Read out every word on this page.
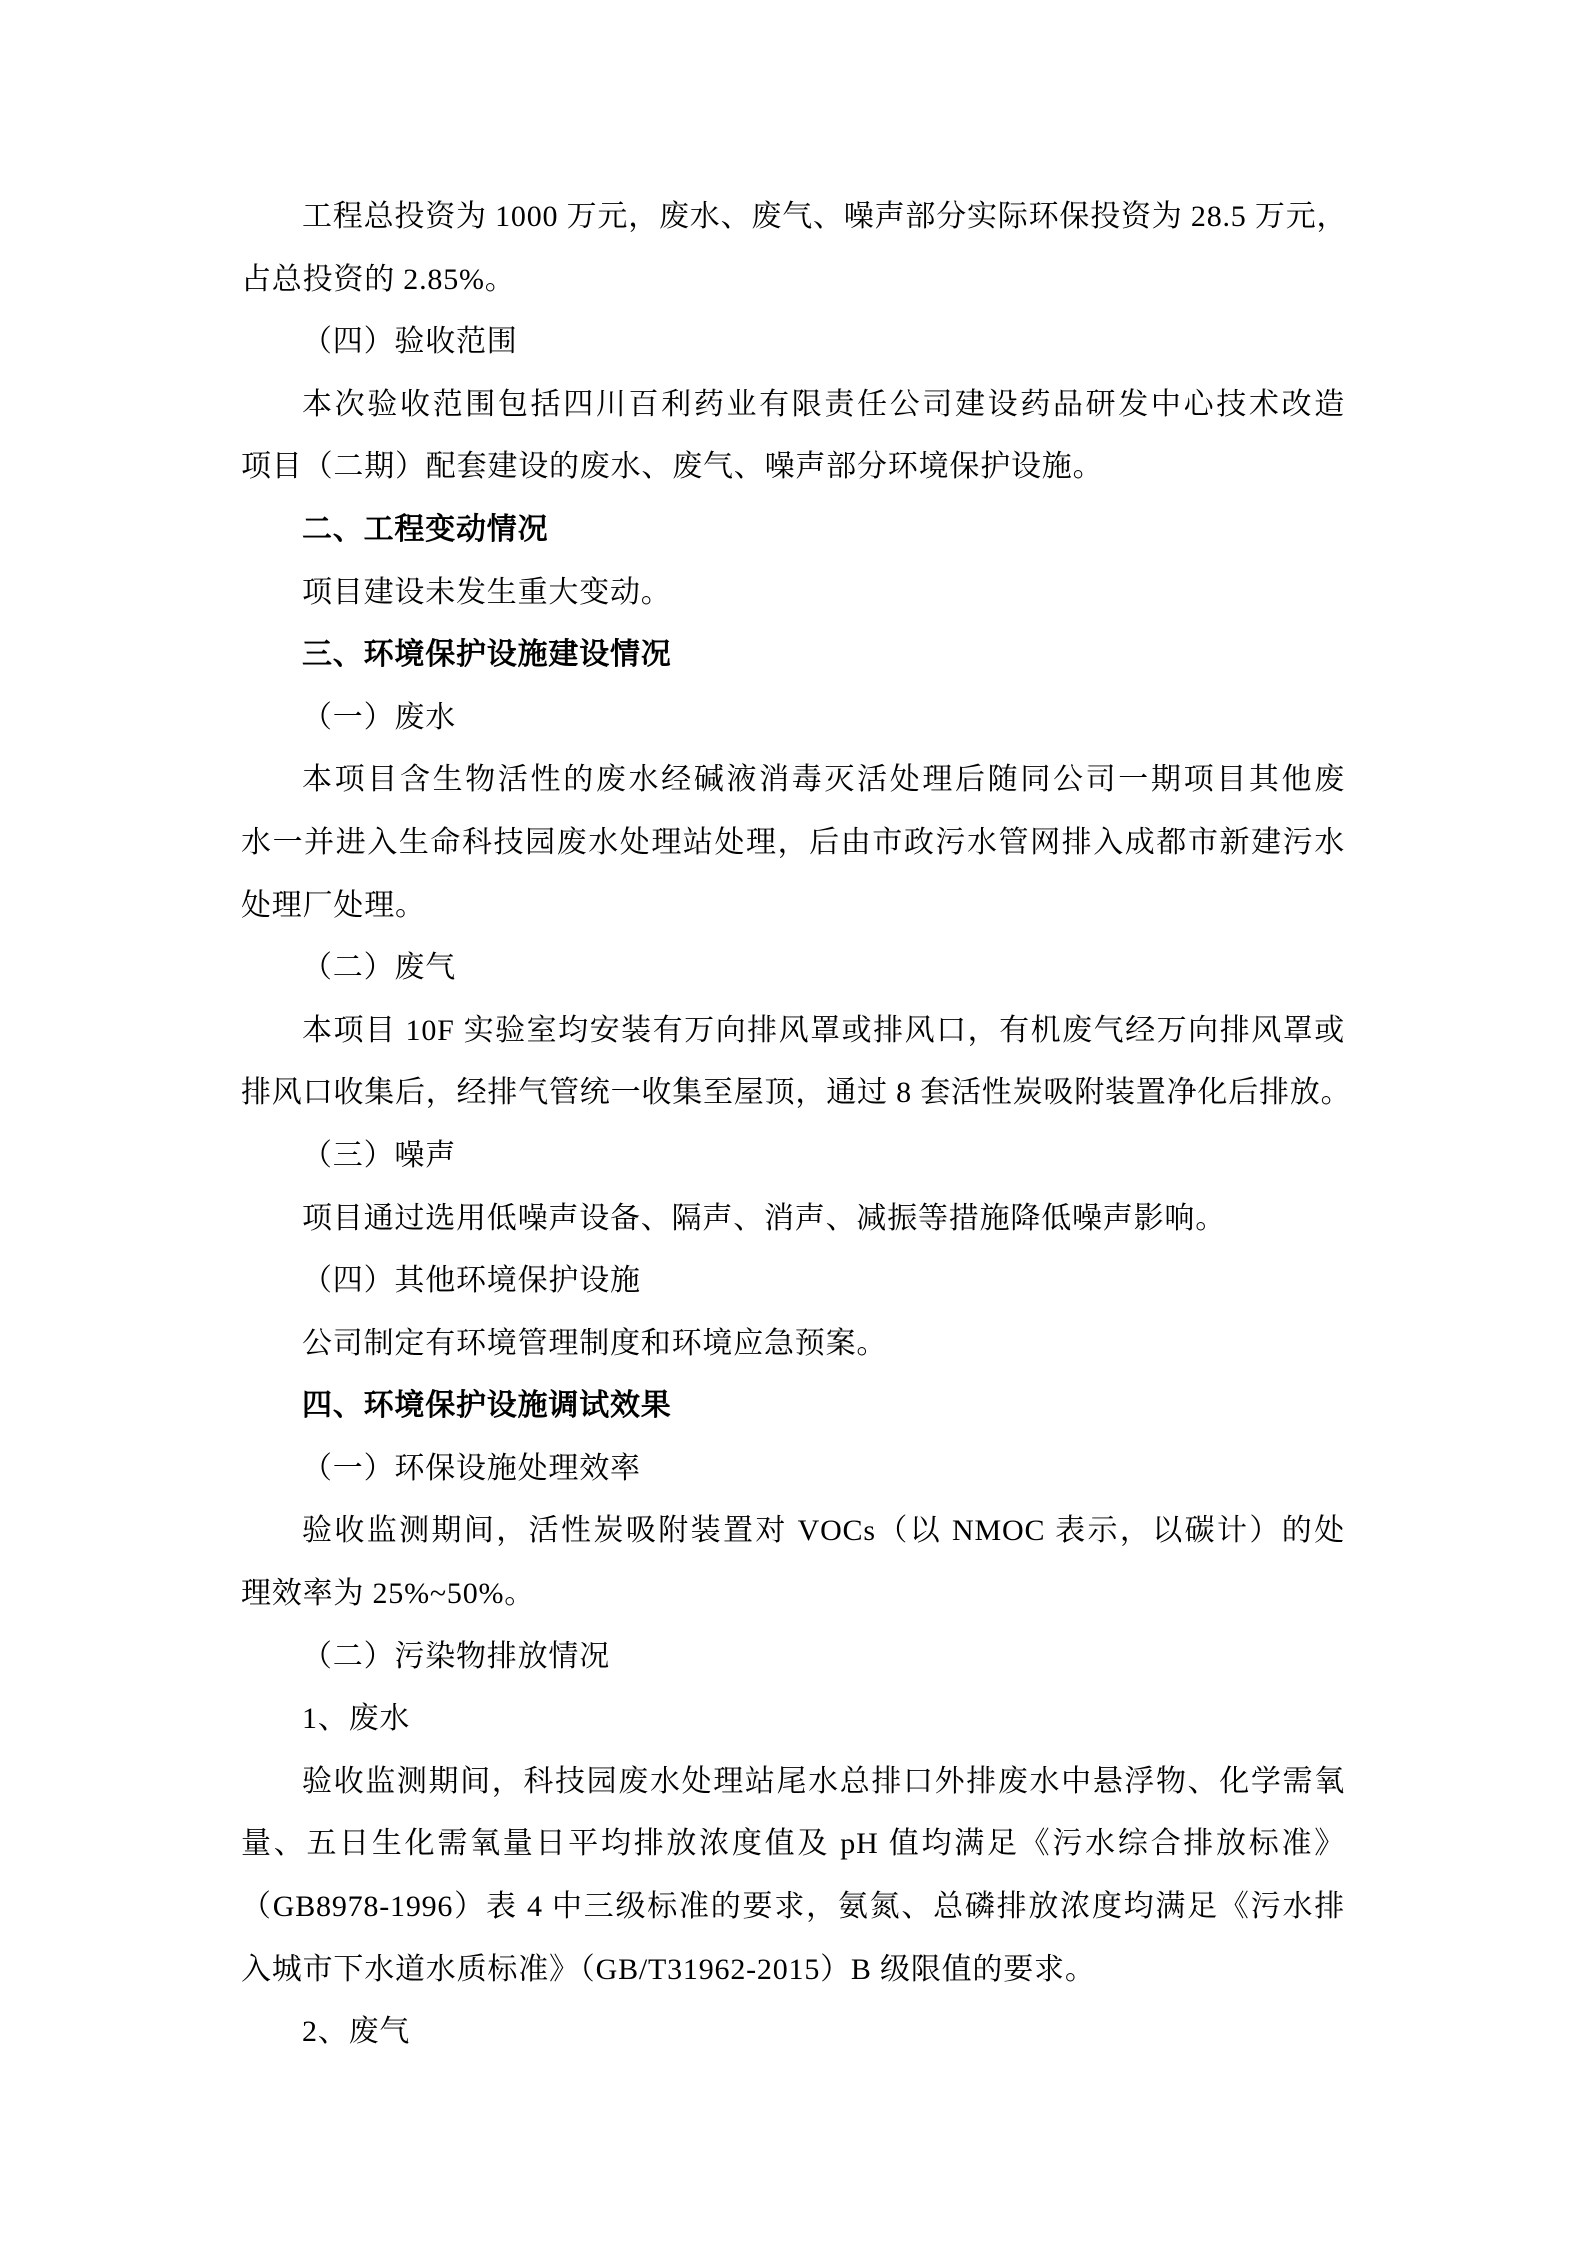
工程总投资为 1000 万元，废水、废气、噪声部分实际环保投资为 28.5 万元，
占总投资的 2.85%。
（四）验收范围
本次验收范围包括四川百利药业有限责任公司建设药品研发中心技术改造
项目（二期）配套建设的废水、废气、噪声部分环境保护设施。
二、工程变动情况
项目建设未发生重大变动。
三、环境保护设施建设情况
（一）废水
本项目含生物活性的废水经碱液消毒灭活处理后随同公司一期项目其他废
水一并进入生命科技园废水处理站处理，后由市政污水管网排入成都市新建污水
处理厂处理。
（二）废气
本项目 10F 实验室均安装有万向排风罩或排风口，有机废气经万向排风罩或
排风口收集后，经排气管统一收集至屋顶，通过 8 套活性炭吸附装置净化后排放。
（三）噪声
项目通过选用低噪声设备、隔声、消声、减振等措施降低噪声影响。
（四）其他环境保护设施
公司制定有环境管理制度和环境应急预案。
四、环境保护设施调试效果
（一）环保设施处理效率
验收监测期间，活性炭吸附装置对 VOCs（以 NMOC 表示，以碳计）的处
理效率为 25%~50%。
（二）污染物排放情况
1、废水
验收监测期间，科技园废水处理站尾水总排口外排废水中悬浮物、化学需氧
量、五日生化需氧量日平均排放浓度值及 pH 值均满足《污水综合排放标准》
（GB8978-1996）表 4 中三级标准的要求，氨氮、总磷排放浓度均满足《污水排
入城市下水道水质标准》（GB/T31962-2015）B 级限值的要求。
2、废气
